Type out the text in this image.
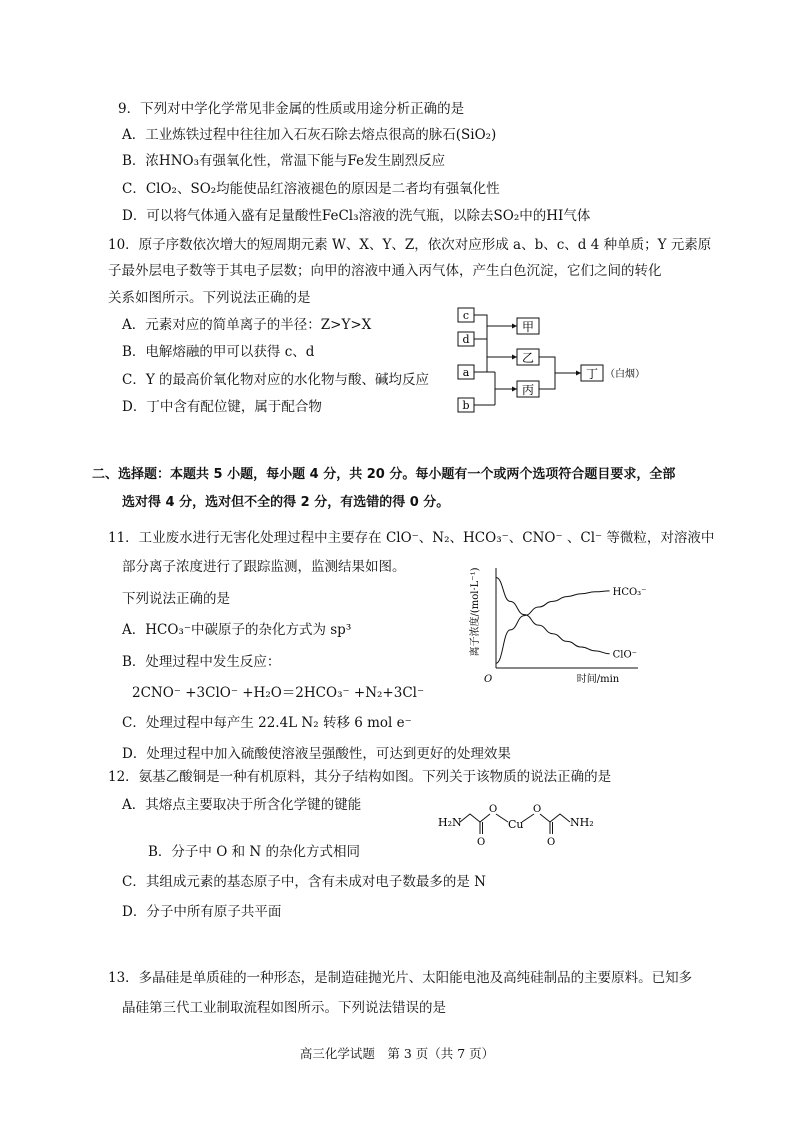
9．下列对中学化学常见非金属的性质或用途分析正确的是
A．工业炼铁过程中往往加入石灰石除去熔点很高的脉石(SiO₂)
B．浓HNO₃有强氧化性，常温下能与Fe发生剧烈反应
C．ClO₂、SO₂均能使品红溶液褪色的原因是二者均有强氧化性
D．可以将气体通入盛有足量酸性FeCl₃溶液的洗气瓶，以除去SO₂中的HI气体
10．原子序数依次增大的短周期元素 W、X、Y、Z，依次对应形成 a、b、c、d 4 种单质；Y 元素原
子最外层电子数等于其电子层数；向甲的溶液中通入丙气体，产生白色沉淀，它们之间的转化
关系如图所示。下列说法正确的是
A．元素对应的简单离子的半径：Z>Y>X
B．电解熔融的甲可以获得 c、d
C．Y 的最高价氧化物对应的水化物与酸、碱均反应
D．丁中含有配位键，属于配合物
c
d
a
b
甲
乙
丙
丁 （白烟）
二、选择题：本题共 5 小题，每小题 4 分，共 20 分。每小题有一个或两个选项符合题目要求，全部
选对得 4 分，选对但不全的得 2 分，有选错的得 0 分。
11．工业废水进行无害化处理过程中主要存在 ClO⁻、N₂、HCO₃⁻、CNO⁻ 、Cl⁻ 等微粒，对溶液中
部分离子浓度进行了跟踪监测，监测结果如图。
下列说法正确的是
A．HCO₃⁻中碳原子的杂化方式为 sp³
B．处理过程中发生反应：
2CNO⁻ +3ClO⁻ +H₂O＝2HCO₃⁻ +N₂+3Cl⁻
C．处理过程中每产生 22.4L N₂ 转移 6 mol e⁻
D．处理过程中加入硫酸使溶液呈强酸性，可达到更好的处理效果
离子浓度/(mol·L⁻¹)
时间/min
O
HCO₃⁻
ClO⁻
12．氨基乙酸铜是一种有机原料，其分子结构如图。下列关于该物质的说法正确的是
A．其熔点主要取决于所含化学键的键能
B．分子中 O 和 N 的杂化方式相同
C．其组成元素的基态原子中，含有未成对电子数最多的是 N
D．分子中所有原子共平面
H₂N
O
O
Cu
O
O
NH₂
13．多晶硅是单质硅的一种形态，是制造硅抛光片、太阳能电池及高纯硅制品的主要原料。已知多
晶硅第三代工业制取流程如图所示。下列说法错误的是
高三化学试题　第 3 页（共 7 页）
